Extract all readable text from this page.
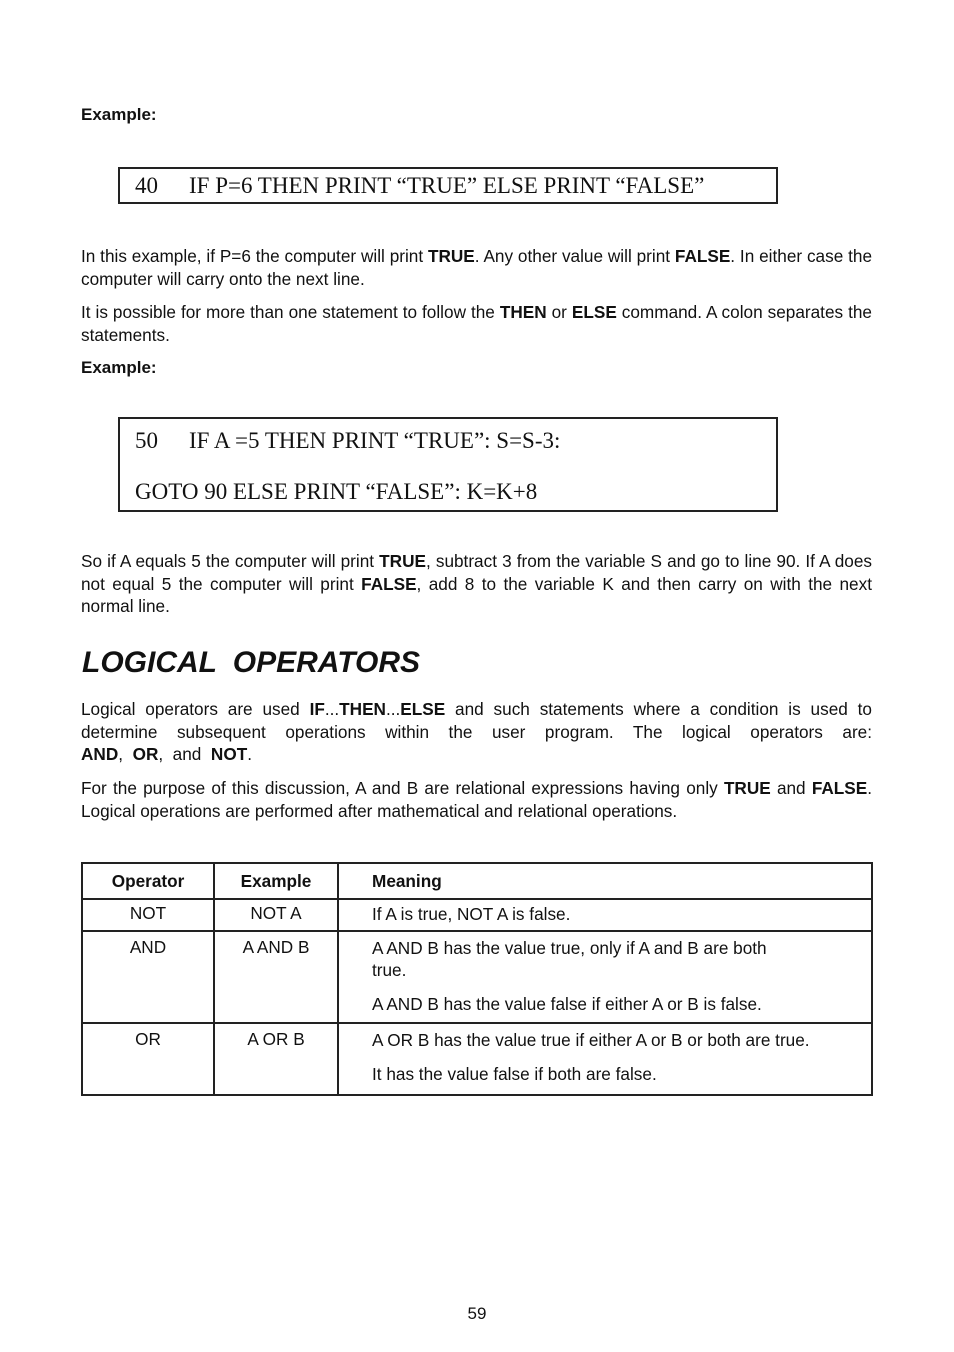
Example:

40 IF P=6 THEN PRINT “TRUE” ELSE PRINT “FALSE”

In this example, if P=6 the computer will print TRUE. Any other value will print FALSE. In either case the computer will carry onto the next line.

It is possible for more than one statement to follow the THEN or ELSE command. A colon separates the statements.

Example:

50 IF A =5 THEN PRINT “TRUE”: S=S-3:
GOTO 90 ELSE PRINT “FALSE”: K=K+8

So if A equals 5 the computer will print TRUE, subtract 3 from the variable S and go to line 90. If A does not equal 5 the computer will print FALSE, add 8 to the variable K and then carry on with the next normal line.

LOGICAL OPERATORS

Logical operators are used IF...THEN...ELSE and such statements where a condition is used to determine subsequent operations within the user program. The logical operators are: AND,  OR,  and  NOT.

For the purpose of this discussion, A and B are relational expressions having only TRUE and FALSE. Logical operations are performed after mathematical and relational operations.

Operator	Example	Meaning
NOT	NOT A	If A is true, NOT A is false.

AND	A AND B	A AND B has the value true, only if A and B are both true.

A AND B has the value false if either A or B is false.

OR	A OR B	A OR B has the value true if either A or B or both are true.

It has the value false if both are false.

59
